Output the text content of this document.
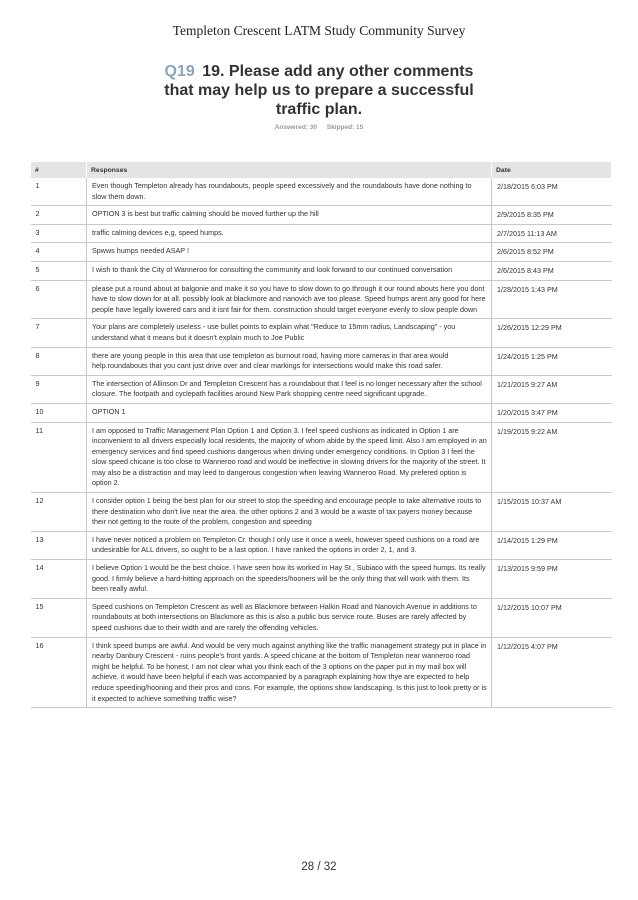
Templeton Crescent LATM Study Community Survey
Q19 19. Please add any other comments that may help us to prepare a successful traffic plan.
Answered: 30 Skipped: 15
#	Responses	Date
1	Even though Templeton already has roundabouts, people speed excessively and the roundabouts have done nothing to slow them down.	2/18/2015 6:03 PM
2	OPTION 3 is best but traffic calming should be moved further up the hill	2/9/2015 8:35 PM
3	traffic calming devices e,g, speed humps.	2/7/2015 11:13 AM
4	Spwws humps needed ASAP !	2/6/2015 8:52 PM
5	I wish to thank the City of Wanneroo for consulting the community and look forward to our continued conversation	2/6/2015 8:43 PM
6	please put a round about at balgonie and make it so you have to slow down to go through it our round abouts here you dont have to slow down for at all. possibly look at blackmore and nanovich ave too please. Speed humps arent any good for here people have legally lowered cars and it isnt fair for them. construction should target everyone evenly to slow people down	1/28/2015 1:43 PM
7	Your plans are completely useless - use bullet points to explain what "Reduce to 15mm radius, Landscaping" - you understand what it means but it doesn't explain much to Joe Public	1/26/2015 12:29 PM
8	there are young people in this area that use templeton as burnout road, having more cameras in that area would help.roundabouts that you cant just drive over and clear markings for intersections would make this road safer.	1/24/2015 1:25 PM
9	The intersection of Allinson Dr and Templeton Crescent has a roundabout that I feel is no longer necessary after the school closure. The footpath and cyclepath facilities around New Park shopping centre need significant upgrade.	1/21/2015 9:27 AM
10	OPTION 1	1/20/2015 3:47 PM
11	I am opposed to Traffic Management Plan Option 1 and Option 3. I feel speed cushions as indicated in Option 1 are inconvenient to all drivers especially local residents, the majority of whom abide by the speed limit. Also I am employed in an emergency services and find speed cushions dangerous when driving under emergency conditions. In Option 3 I feel the slow speed chicane is too close to Wanneroo road and would be ineffective in slowing drivers for the majority of the street. It may also be a distraction and may leed to dangerous congestion when leaving Wanneroo Road. My prefered option is option 2.	1/19/2015 9:22 AM
12	I consider option 1 being the best plan for our street to stop the speeding and encourage people to take alternative routs to there destination who don't live near the area. the other options 2 and 3 would be a waste of tax payers money because their not getting to the route of the problem, congestion and speeding	1/15/2015 10:37 AM
13	I have never noticed a problem on Templeton Cr. though I only use it once a week, however speed cushions on a road are undesirable for ALL drivers, so ought to be a last option. I have ranked the options in order 2, 1, and 3.	1/14/2015 1:29 PM
14	I believe Option 1 would be the best choice. I have seen how its worked in Hay St , Subiaco with the speed humps. Its really good. I firmly believe a hard-hitting approach on the speeders/hooners will be the only thing that will work with them. Its been really awful.	1/13/2015 9:59 PM
15	Speed cushions on Templeton Crescent as well as Blackmore between Halkin Road and Nanovich Avenue in additions to roundabouts at both intersections on Blackmore as this is also a public bus service route. Buses are rarely affected by speed cushions due to their width and are rarely the offending vehicles.	1/12/2015 10:07 PM
16	I think speed bumps are awful. And would be very much against anything like the traffic management strategy put in place in nearby Danbury Crescent - ruins people's front yards. A speed chicane at the bottom of Templeton near wanneroo road might be helpful. To be honest, I am not clear what you think each of the 3 options on the paper put in my mail box will achieve. it would have been helpful if each was accompanied by a paragraph explaining how thye are expected to help reduce speeding/hooning and their pros and cons. For example, the options show landscaping. Is this just to look pretty or is it expected to achieve something traffic wise?	1/12/2015 4:07 PM
28 / 32
